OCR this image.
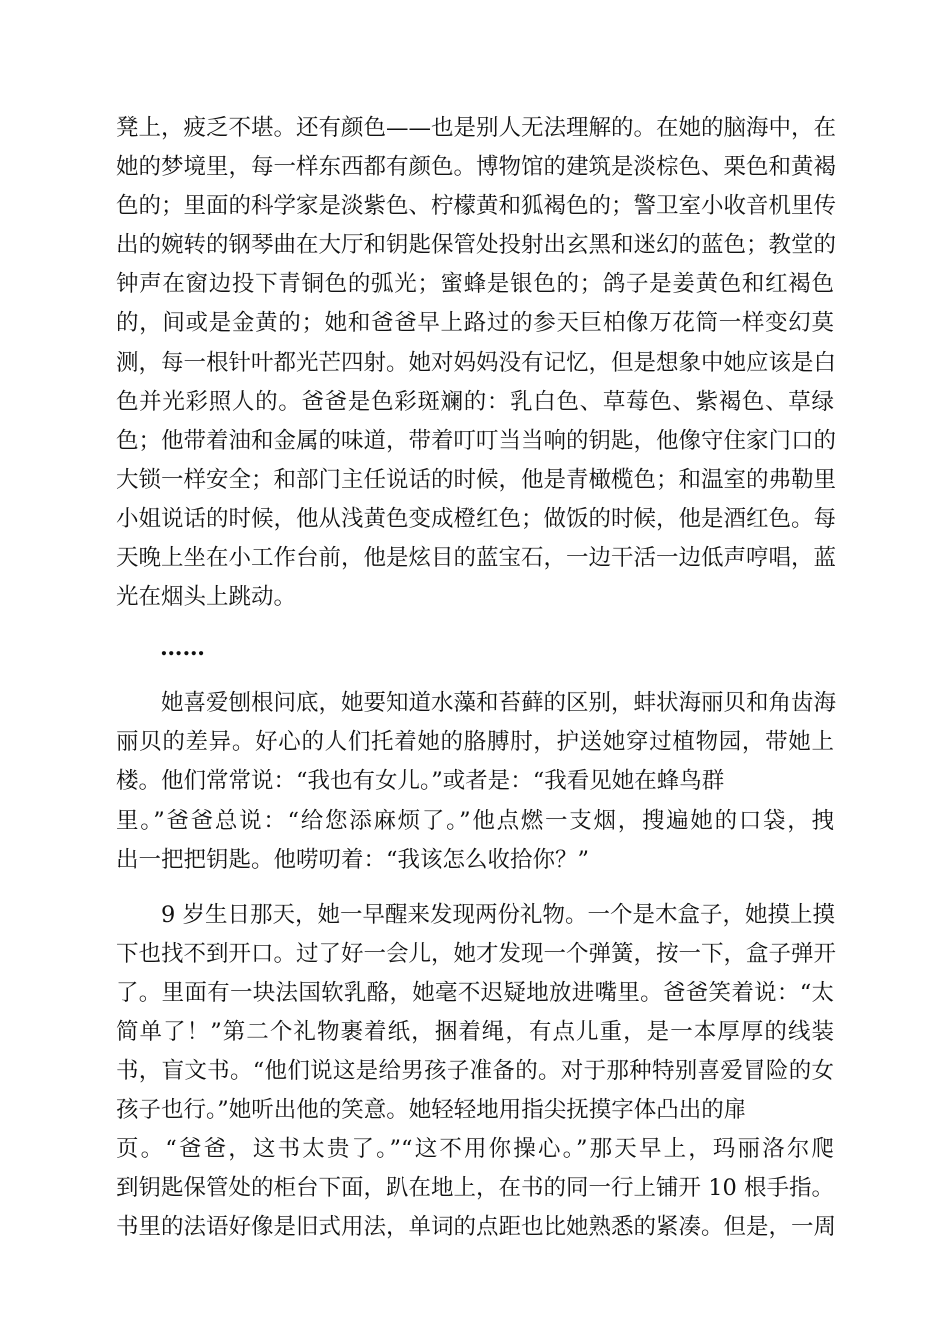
凳上，疲乏不堪。还有颜色——也是别人无法理解的。在她的脑海中，在
她的梦境里，每一样东西都有颜色。博物馆的建筑是淡棕色、栗色和黄褐
色的；里面的科学家是淡紫色、柠檬黄和狐褐色的；警卫室小收音机里传
出的婉转的钢琴曲在大厅和钥匙保管处投射出玄黑和迷幻的蓝色；教堂的
钟声在窗边投下青铜色的弧光；蜜蜂是银色的；鸽子是姜黄色和红褐色
的，间或是金黄的；她和爸爸早上路过的参天巨柏像万花筒一样变幻莫
测，每一根针叶都光芒四射。她对妈妈没有记忆，但是想象中她应该是白
色并光彩照人的。爸爸是色彩斑斓的：乳白色、草莓色、紫褐色、草绿
色；他带着油和金属的味道，带着叮叮当当响的钥匙，他像守住家门口的
大锁一样安全；和部门主任说话的时候，他是青橄榄色；和温室的弗勒里
小姐说话的时候，他从浅黄色变成橙红色；做饭的时候，他是酒红色。每
天晚上坐在小工作台前，他是炫目的蓝宝石，一边干活一边低声哼唱，蓝
光在烟头上跳动。
……
她喜爱刨根问底，她要知道水藻和苔藓的区别，蚌状海丽贝和角齿海
丽贝的差异。好心的人们托着她的胳膊肘，护送她穿过植物园，带她上
楼。他们常常说：“我也有女儿。”或者是：“我看见她在蜂鸟群
里。”爸爸总说：“给您添麻烦了。”他点燃一支烟，搜遍她的口袋，拽
出一把把钥匙。他唠叨着：“我该怎么收拾你？”
9 岁生日那天，她一早醒来发现两份礼物。一个是木盒子，她摸上摸
下也找不到开口。过了好一会儿，她才发现一个弹簧，按一下，盒子弹开
了。里面有一块法国软乳酪，她毫不迟疑地放进嘴里。爸爸笑着说：“太
简单了！”第二个礼物裹着纸，捆着绳，有点儿重，是一本厚厚的线装
书，盲文书。“他们说这是给男孩子准备的。对于那种特别喜爱冒险的女
孩子也行。”她听出他的笑意。她轻轻地用指尖抚摸字体凸出的扉
页。“爸爸，这书太贵了。”“这不用你操心。”那天早上，玛丽洛尔爬
到钥匙保管处的柜台下面，趴在地上，在书的同一行上铺开 10 根手指。
书里的法语好像是旧式用法，单词的点距也比她熟悉的紧凑。但是，一周
